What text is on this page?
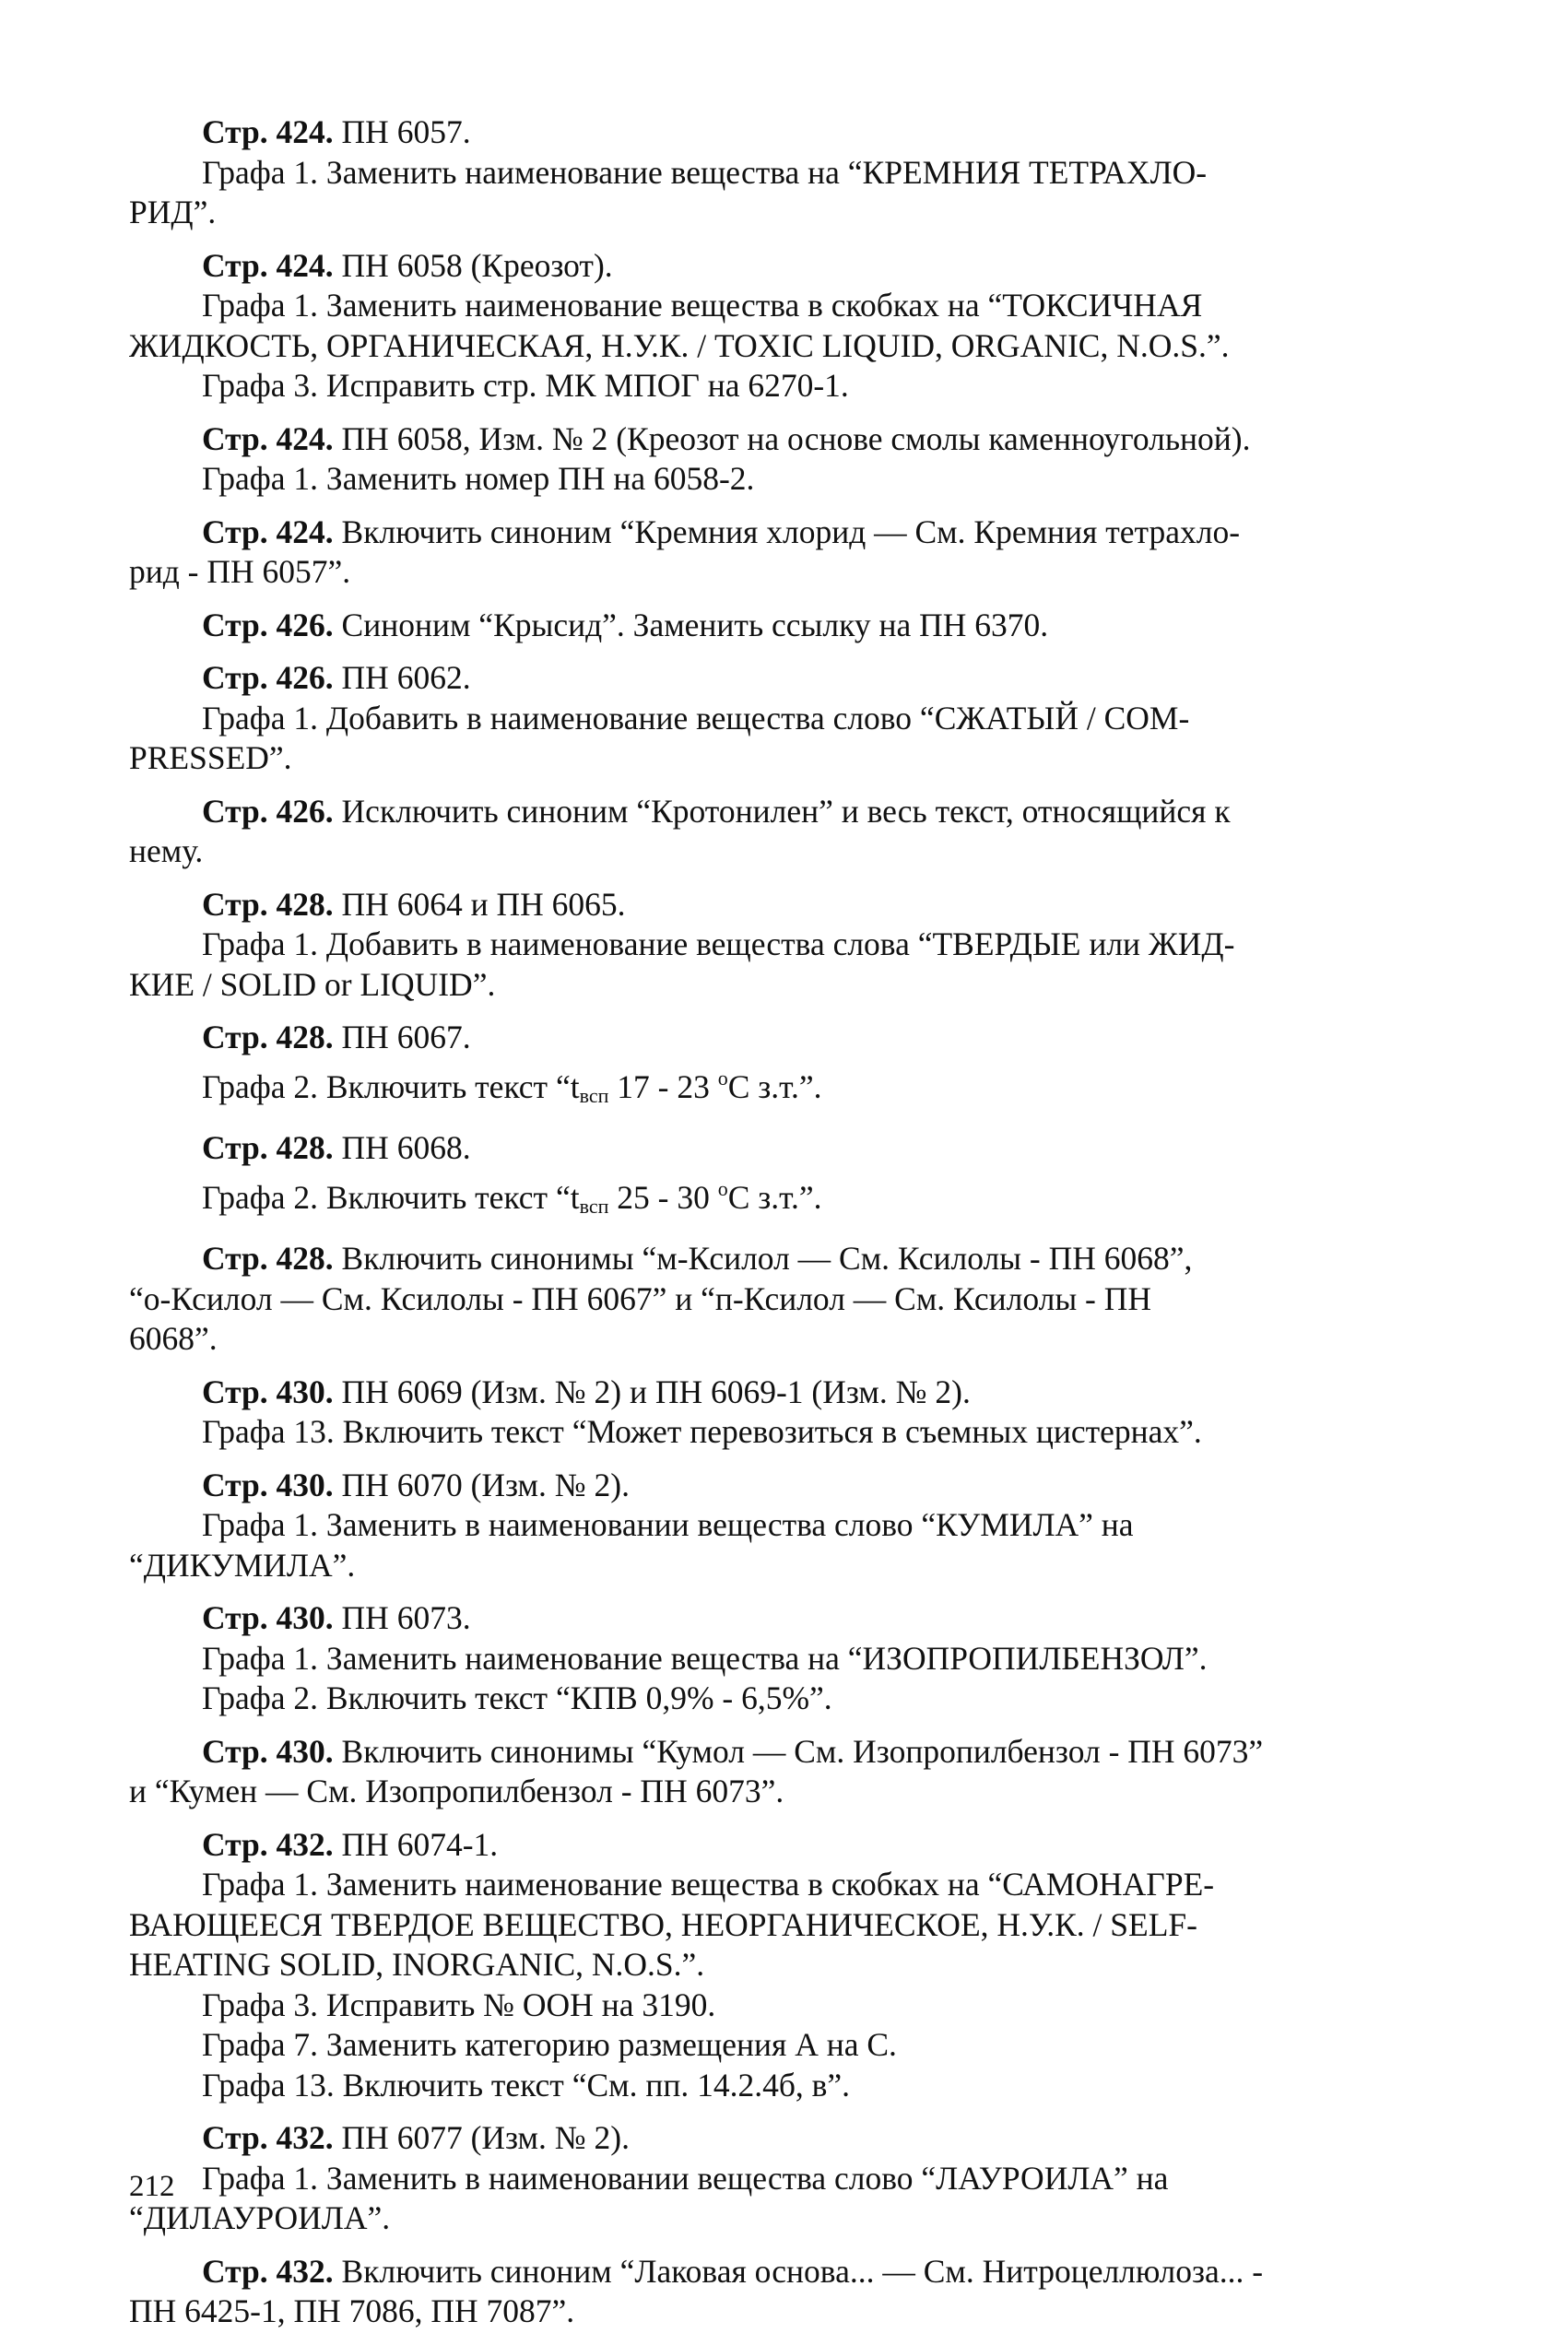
Стр. 424. ПН 6057.
Графа 1. Заменить наименование вещества на “КРЕМНИЯ ТЕТРАХЛО-
РИД”.
Стр. 424. ПН 6058 (Креозот).
Графа 1. Заменить наименование вещества в скобках на “ТОКСИЧНАЯ
ЖИДКОСТЬ, ОРГАНИЧЕСКАЯ, Н.У.К. / TOXIC LIQUID, ORGANIC, N.O.S.”.
Графа 3. Исправить стр. МК МПОГ на 6270-1.
Стр. 424. ПН 6058, Изм. № 2 (Креозот на основе смолы каменноугольной).
Графа 1. Заменить номер ПН на 6058-2.
Стр. 424. Включить синоним “Кремния хлорид — См. Кремния тетрахло-
рид - ПН 6057”.
Стр. 426. Синоним “Крысид”. Заменить ссылку на ПН 6370.
Стр. 426. ПН 6062.
Графа 1. Добавить в наименование вещества слово “СЖАТЫЙ / COM-
PRESSED”.
Стр. 426. Исключить синоним “Кротонилен” и весь текст, относящийся к
нему.
Стр. 428. ПН 6064 и ПН 6065.
Графа 1. Добавить в наименование вещества слова “ТВЕРДЫЕ или ЖИД-
КИЕ / SOLID or LIQUID”.
Стр. 428. ПН 6067.
Графа 2. Включить текст “$t_{всп}$ 17 - 23 $^o$С з.т.”.
Стр. 428. ПН 6068.
Графа 2. Включить текст “$t_{всп}$ 25 - 30 $^o$С з.т.”.
Стр. 428. Включить синонимы “м-Ксилол — См. Ксилолы - ПН 6068”,
“о-Ксилол — См. Ксилолы - ПН 6067” и “п-Ксилол — См. Ксилолы - ПН
6068”.
Стр. 430. ПН 6069 (Изм. № 2) и ПН 6069-1 (Изм. № 2).
Графа 13. Включить текст “Может перевозиться в съемных цистернах”.
Стр. 430. ПН 6070 (Изм. № 2).
Графа 1. Заменить в наименовании вещества слово “КУМИЛА” на
“ДИКУМИЛА”.
Стр. 430. ПН 6073.
Графа 1. Заменить наименование вещества на “ИЗОПРОПИЛБЕНЗОЛ”.
Графа 2. Включить текст “КПВ 0,9% - 6,5%”.
Стр. 430. Включить синонимы “Кумол — См. Изопропилбензол - ПН 6073”
и “Кумен — См. Изопропилбензол - ПН 6073”.
Стр. 432. ПН 6074-1.
Графа 1. Заменить наименование вещества в скобках на “САМОНАГРЕ-
ВАЮЩЕЕСЯ ТВЕРДОЕ ВЕЩЕСТВО, НЕОРГАНИЧЕСКОЕ, Н.У.К. / SELF-
HEATING SOLID, INORGANIC, N.O.S.”.
Графа 3. Исправить № ООН на 3190.
Графа 7. Заменить категорию размещения А на С.
Графа 13. Включить текст “См. пп. 14.2.4б, в”.
Стр. 432. ПН 6077 (Изм. № 2).
Графа 1. Заменить в наименовании вещества слово “ЛАУРОИЛА” на
“ДИЛАУРОИЛА”.
Стр. 432. Включить синоним “Лаковая основа... — См. Нитроцеллюлоза... -
ПН 6425-1, ПН 7086, ПН 7087”.
212
